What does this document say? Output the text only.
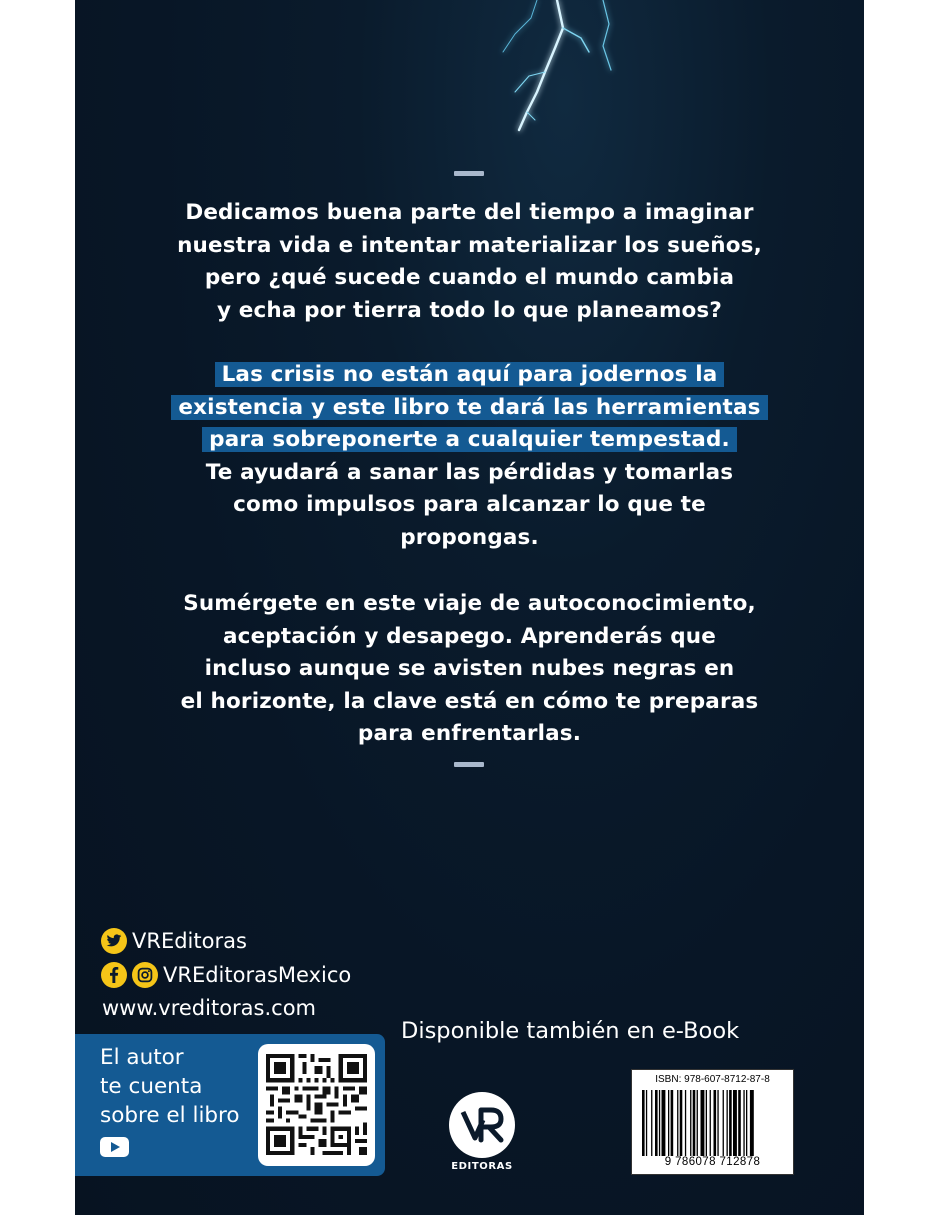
Dedicamos buena parte del tiempo a imaginar
nuestra vida e intentar materializar los sueños,
pero ¿qué sucede cuando el mundo cambia
y echa por tierra todo lo que planeamos?
Las crisis no están aquí para jodernos la
existencia y este libro te dará las herramientas
para sobreponerte a cualquier tempestad.
Te ayudará a sanar las pérdidas y tomarlas
como impulsos para alcanzar lo que te
propongas.
Sumérgete en este viaje de autoconocimiento,
aceptación y desapego. Aprenderás que
incluso aunque se avisten nubes negras en
el horizonte, la clave está en cómo te preparas
para enfrentarlas.
VREditoras
VREditorasMexico
www.vreditoras.com
El autor
te cuenta
sobre el libro
Disponible también en e-Book
EDITORAS
ISBN: 978-607-8712-87-8
9 786078 712878
